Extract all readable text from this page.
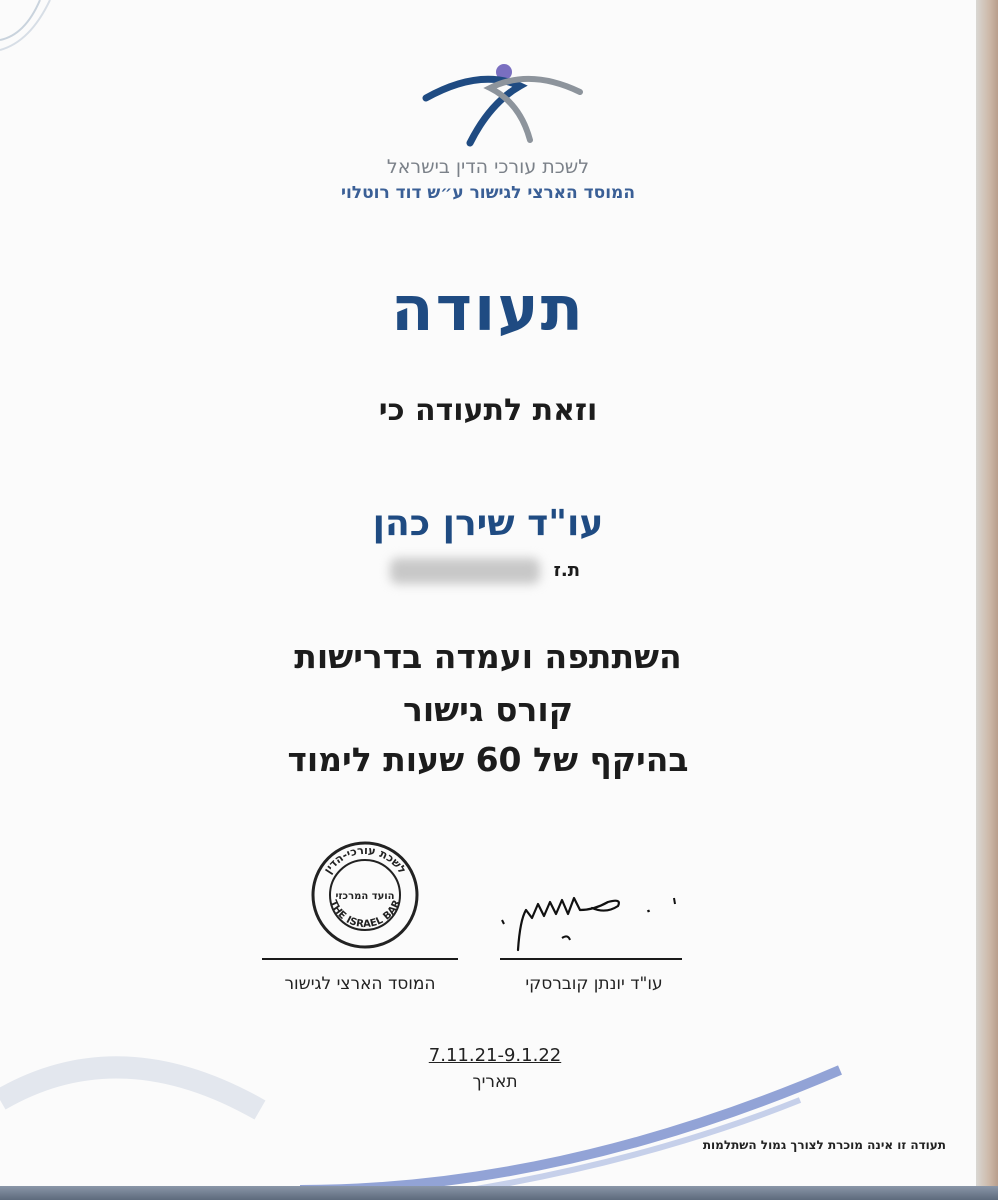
לשכת עורכי הדין בישראל
המוסד הארצי לגישור ע״ש דוד רוטלוי
תעודה
וזאת לתעודה כי
עו"ד שירן כהן
ת.ז
השתתפה ועמדה בדרישות
קורס גישור
בהיקף של 60 שעות לימוד
לשכת עורכי-הדין
הועד המרכזי
THE ISRAEL BAR
המוסד הארצי לגישור	עו"ד יונתן קוברסקי
7.11.21-9.1.22
תאריך
תעודה זו אינה מוכרת לצורך גמול השתלמות
